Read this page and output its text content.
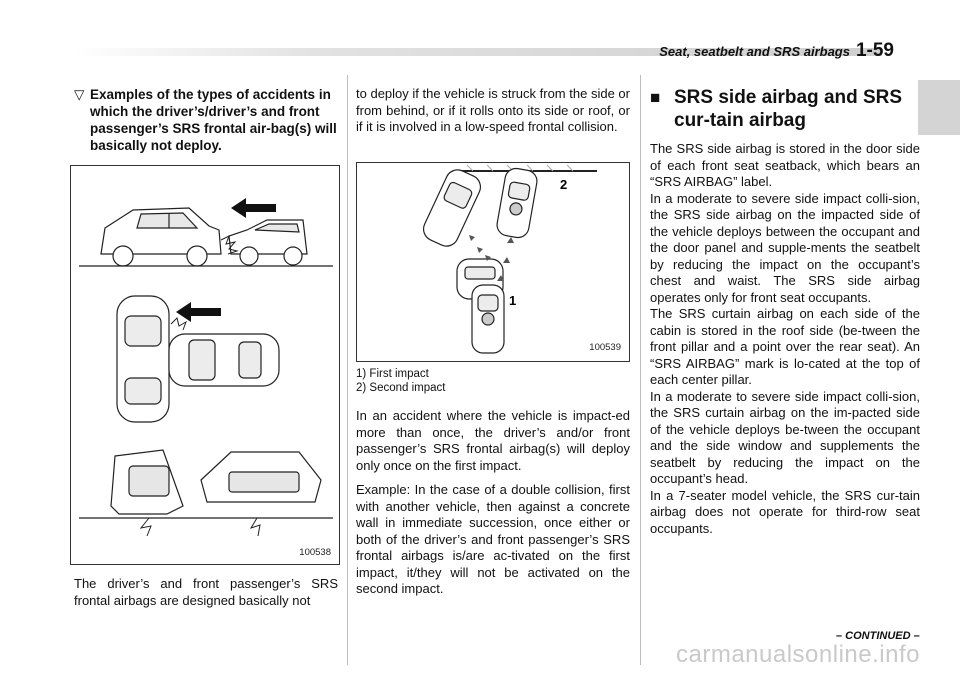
Seat, seatbelt and SRS airbags 1-59
▽ Examples of the types of accidents in which the driver’s/driver’s and front passenger’s SRS frontal air-bag(s) will basically not deploy.
100538

The driver’s and front passenger’s SRS frontal airbags are designed basically not

to deploy if the vehicle is struck from the side or from behind, or if it rolls onto its side or roof, or if it is involved in a low-speed frontal collision.

2
1
100539
1) First impact
2) Second impact

In an accident where the vehicle is impact-ed more than once, the driver’s and/or front passenger’s SRS frontal airbag(s) will deploy only once on the first impact.

Example: In the case of a double collision, first with another vehicle, then against a concrete wall in immediate succession, once either or both of the driver’s and front passenger’s SRS frontal airbags is/are ac-tivated on the first impact, it/they will not be activated on the second impact.

■ SRS side airbag and SRS cur-tain airbag

The SRS side airbag is stored in the door side of each front seat seatback, which bears an “SRS AIRBAG” label.
In a moderate to severe side impact colli-sion, the SRS side airbag on the impacted side of the vehicle deploys between the occupant and the door panel and supple-ments the seatbelt by reducing the impact on the occupant’s chest and waist. The SRS side airbag operates only for front seat occupants.
The SRS curtain airbag on each side of the cabin is stored in the roof side (be-tween the front pillar and a point over the rear seat). An “SRS AIRBAG” mark is lo-cated at the top of each center pillar.
In a moderate to severe side impact colli-sion, the SRS curtain airbag on the im-pacted side of the vehicle deploys be-tween the occupant and the side window and supplements the seatbelt by reducing the impact on the occupant’s head.
In a 7-seater model vehicle, the SRS cur-tain airbag does not operate for third-row seat occupants.

– CONTINUED –
carmanualsonline.info
